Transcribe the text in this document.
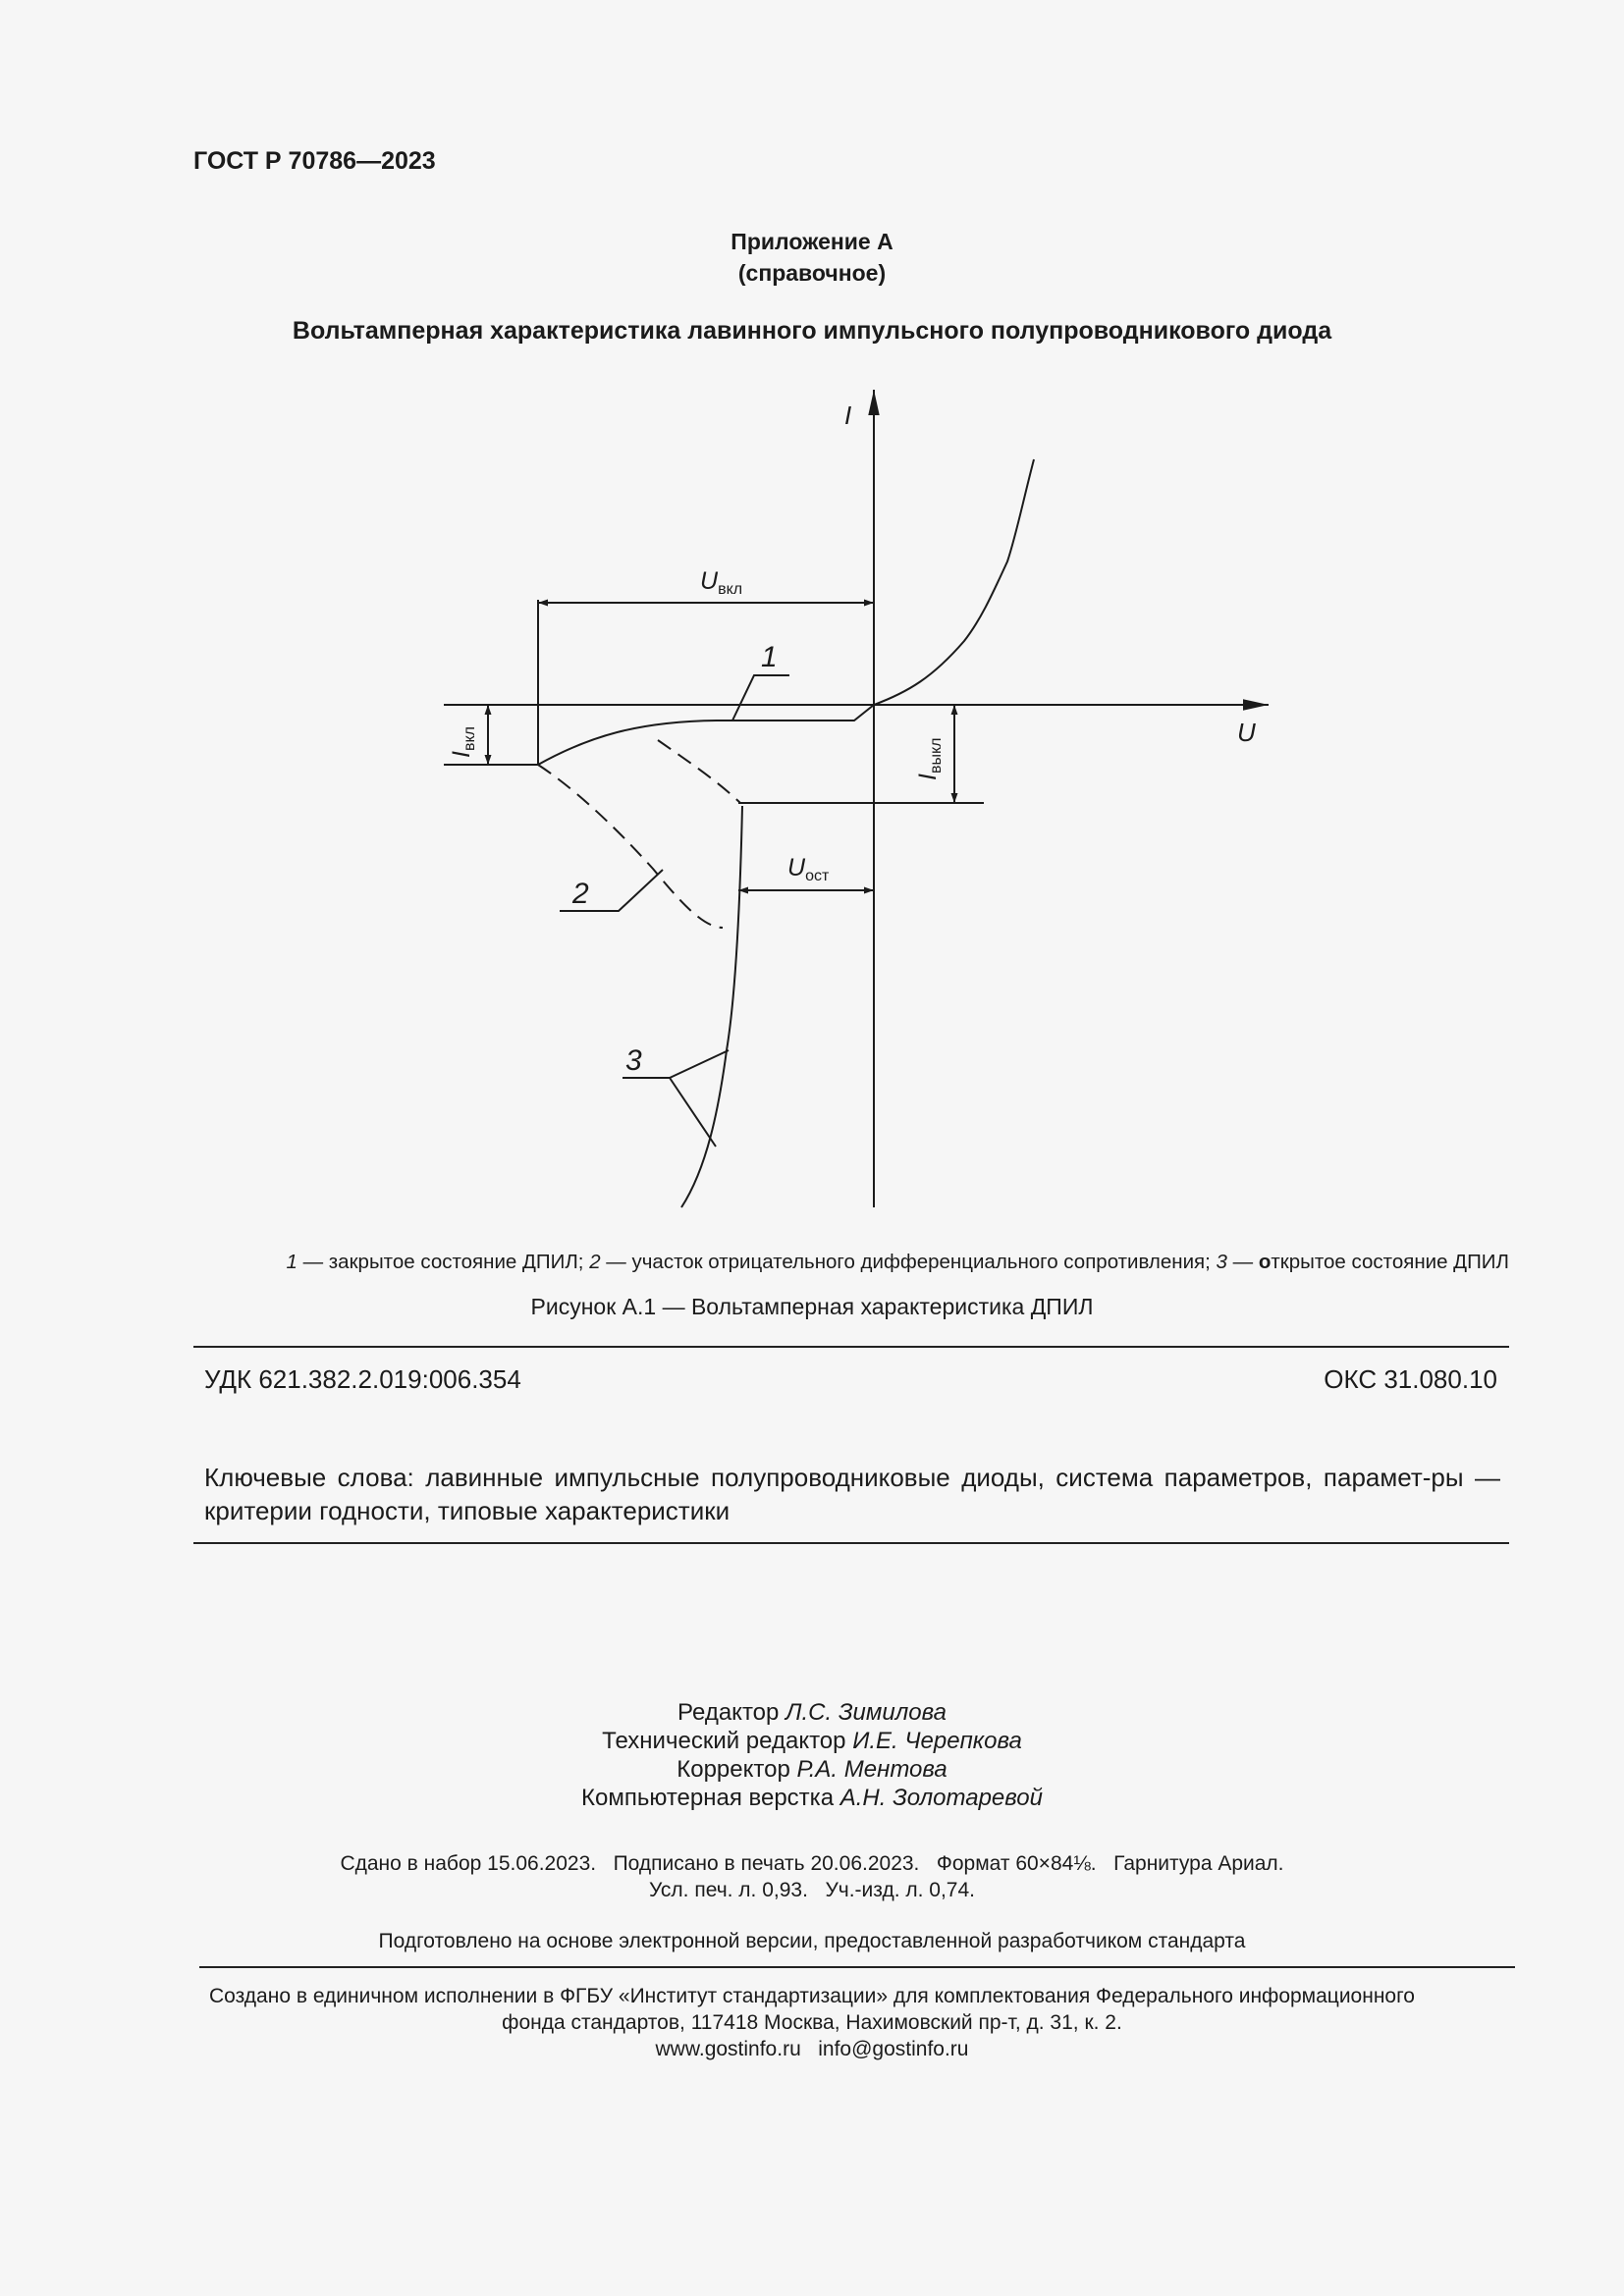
ГОСТ Р 70786—2023
Приложение А
(справочное)
Вольтамперная характеристика лавинного импульсного полупроводникового диода
I
U
$U_{вкл}$
$U_{ост}$
$I_{вкл}$
$I_{выкл}$
1
2
3
1 — закрытое состояние ДПИЛ; 2 — участок отрицательного дифференциального сопротивления; 3 — открытое состояние ДПИЛ
Рисунок А.1 — Вольтамперная характеристика ДПИЛ
УДК 621.382.2.019:006.354	ОКС 31.080.10
Ключевые слова: лавинные импульсные полупроводниковые диоды, система параметров, парамет-ры — критерии годности, типовые характеристики
Редактор Л.С. Зимилова
Технический редактор И.Е. Черепкова
Корректор Р.А. Ментова
Компьютерная верстка А.Н. Золотаревой
Сдано в набор 15.06.2023.   Подписано в печать 20.06.2023.   Формат 60×84⅛.   Гарнитура Ариал.
Усл. печ. л. 0,93.   Уч.-изд. л. 0,74.
Подготовлено на основе электронной версии, предоставленной разработчиком стандарта
Создано в единичном исполнении в ФГБУ «Институт стандартизации» для комплектования Федерального информационного
фонда стандартов, 117418 Москва, Нахимовский пр-т, д. 31, к. 2.
www.gostinfo.ru   info@gostinfo.ru
